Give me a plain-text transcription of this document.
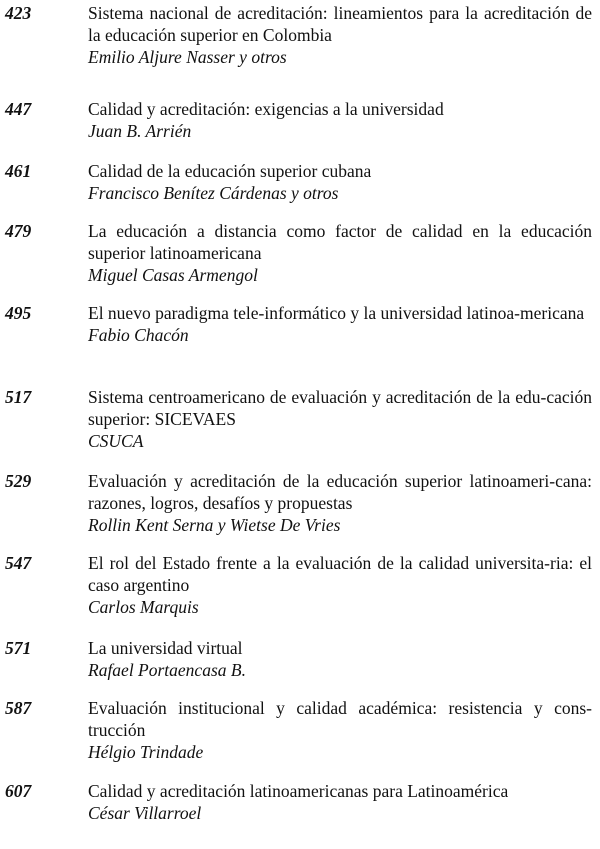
423	Sistema nacional de acreditación: lineamientos para la acreditación de la educación superior en Colombia
Emilio Aljure Nasser y otros
447	Calidad y acreditación: exigencias a la universidad
Juan B. Arrién
461	Calidad de la educación superior cubana
Francisco Benítez Cárdenas y otros
479	La educación a distancia como factor de calidad en la educación superior latinoamericana
Miguel Casas Armengol
495	El nuevo paradigma tele-informático y la universidad latinoa-mericana
Fabio Chacón
517	Sistema centroamericano de evaluación y acreditación de la edu-cación superior: SICEVAES
CSUCA
529	Evaluación y acreditación de la educación superior latinoameri-cana: razones, logros, desafíos y propuestas
Rollin Kent Serna y Wietse De Vries
547	El rol del Estado frente a la evaluación de la calidad universita-ria: el caso argentino
Carlos Marquis
571	La universidad virtual
Rafael Portaencasa B.
587	Evaluación institucional y calidad académica: resistencia y cons-trucción
Hélgio Trindade
607	Calidad y acreditación latinoamericanas para Latinoamérica
César Villarroel
